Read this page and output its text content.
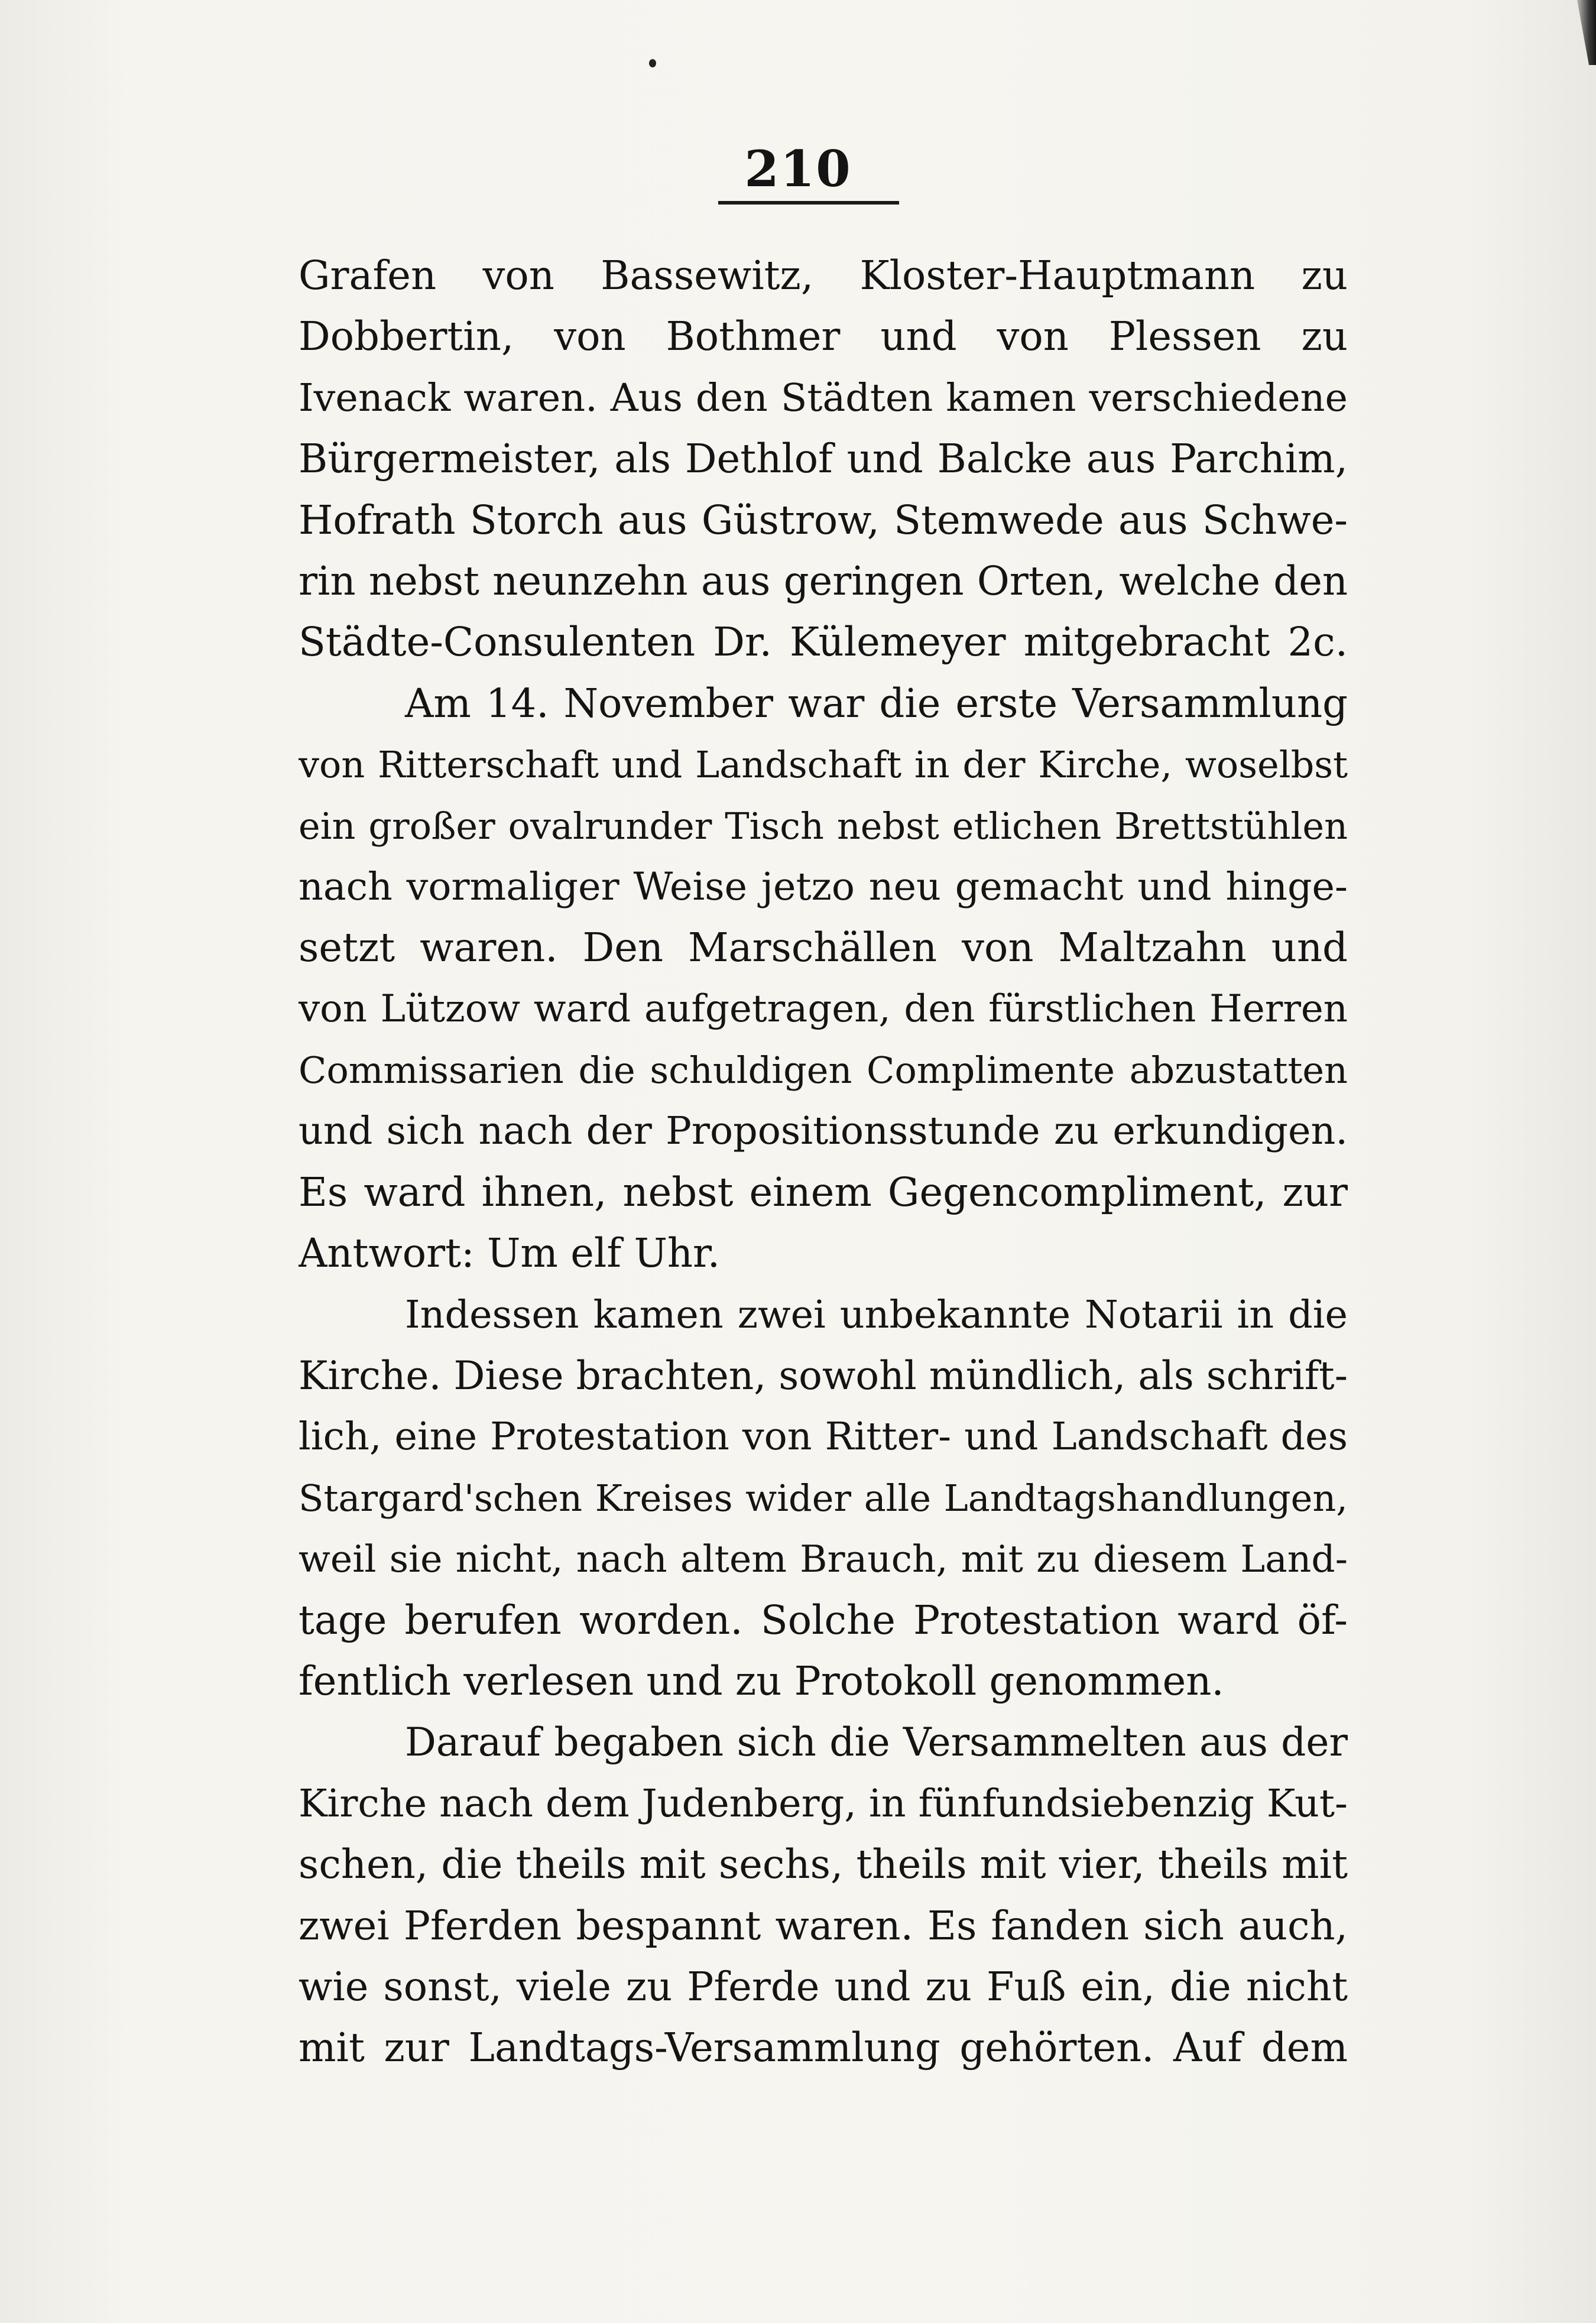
210
Grafen von Bassewitz, Kloster-Hauptmann zu
Dobbertin, von Bothmer und von Plessen zu
Ivenack waren. Aus den Städten kamen verschiedene
Bürgermeister, als Dethlof und Balcke aus Parchim,
Hofrath Storch aus Güstrow, Stemwede aus Schwe-
rin nebst neunzehn aus geringen Orten, welche den
Städte-Consulenten Dr. Külemeyer mitgebracht 2c.
Am 14. November war die erste Versammlung
von Ritterschaft und Landschaft in der Kirche, woselbst
ein großer ovalrunder Tisch nebst etlichen Brettstühlen
nach vormaliger Weise jetzo neu gemacht und hinge-
setzt waren. Den Marschällen von Maltzahn und
von Lützow ward aufgetragen, den fürstlichen Herren
Commissarien die schuldigen Complimente abzustatten
und sich nach der Propositionsstunde zu erkundigen.
Es ward ihnen, nebst einem Gegencompliment, zur
Antwort: Um elf Uhr.
Indessen kamen zwei unbekannte Notarii in die
Kirche. Diese brachten, sowohl mündlich, als schrift-
lich, eine Protestation von Ritter- und Landschaft des
Stargard'schen Kreises wider alle Landtagshandlungen,
weil sie nicht, nach altem Brauch, mit zu diesem Land-
tage berufen worden. Solche Protestation ward öf-
fentlich verlesen und zu Protokoll genommen.
Darauf begaben sich die Versammelten aus der
Kirche nach dem Judenberg, in fünfundsiebenzig Kut-
schen, die theils mit sechs, theils mit vier, theils mit
zwei Pferden bespannt waren. Es fanden sich auch,
wie sonst, viele zu Pferde und zu Fuß ein, die nicht
mit zur Landtags-Versammlung gehörten. Auf dem
